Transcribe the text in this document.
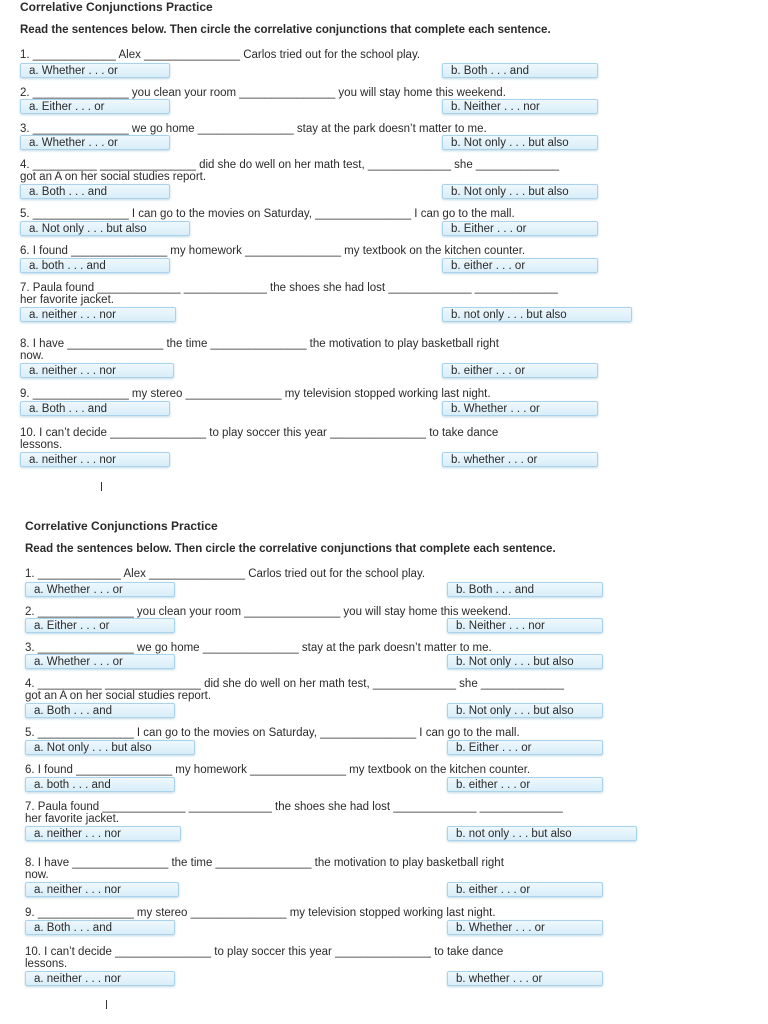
Correlative Conjunctions Practice
Read the sentences below. Then circle the correlative conjunctions that complete each sentence.
1. _____________ Alex _______________ Carlos tried out for the school play.
a. Whether . . . or	b. Both . . . and
2. _______________ you clean your room _______________ you will stay home this weekend.
a. Either . . . or	b. Neither . . . nor
3. _______________ we go home _______________ stay at the park doesn’t matter to me.
a. Whether . . . or	b. Not only . . . but also
4. __________ _______________ did she do well on her math test, _____________ she _____________
got an A on her social studies report.
a. Both . . . and	b. Not only . . . but also
5. _______________ I can go to the movies on Saturday, _______________ I can go to the mall.
a. Not only . . . but also	b. Either . . . or
6. I found _______________ my homework _______________ my textbook on the kitchen counter.
a. both . . . and	b. either . . . or
7. Paula found _____________ _____________ the shoes she had lost _____________ _____________
her favorite jacket.
a. neither . . . nor	b. not only . . . but also
8. I have _______________ the time _______________ the motivation to play basketball right
now.
a. neither . . . nor	b. either . . . or
9. _______________ my stereo _______________ my television stopped working last night.
a. Both . . . and	b. Whether . . . or
10. I can’t decide _______________ to play soccer this year _______________ to take dance
lessons.
a. neither . . . nor	b. whether . . . or
Correlative Conjunctions Practice
Read the sentences below. Then circle the correlative conjunctions that complete each sentence.
1. _____________ Alex _______________ Carlos tried out for the school play.
a. Whether . . . or	b. Both . . . and
2. _______________ you clean your room _______________ you will stay home this weekend.
a. Either . . . or	b. Neither . . . nor
3. _______________ we go home _______________ stay at the park doesn’t matter to me.
a. Whether . . . or	b. Not only . . . but also
4. __________ _______________ did she do well on her math test, _____________ she _____________
got an A on her social studies report.
a. Both . . . and	b. Not only . . . but also
5. _______________ I can go to the movies on Saturday, _______________ I can go to the mall.
a. Not only . . . but also	b. Either . . . or
6. I found _______________ my homework _______________ my textbook on the kitchen counter.
a. both . . . and	b. either . . . or
7. Paula found _____________ _____________ the shoes she had lost _____________ _____________
her favorite jacket.
a. neither . . . nor	b. not only . . . but also
8. I have _______________ the time _______________ the motivation to play basketball right
now.
a. neither . . . nor	b. either . . . or
9. _______________ my stereo _______________ my television stopped working last night.
a. Both . . . and	b. Whether . . . or
10. I can’t decide _______________ to play soccer this year _______________ to take dance
lessons.
a. neither . . . nor	b. whether . . . or
